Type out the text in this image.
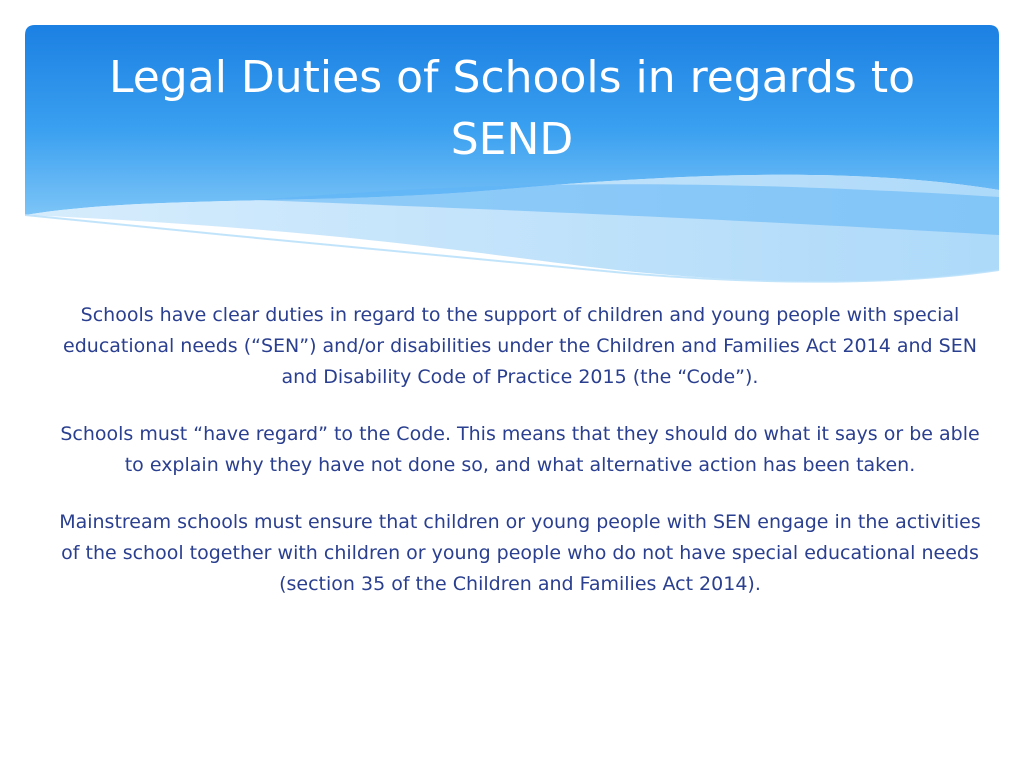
Legal Duties of Schools in regards to SEND

Schools have clear duties in regard to the support of children and young people with special educational needs (“SEN”) and/or disabilities under the Children and Families Act 2014 and SEN and Disability Code of Practice 2015 (the “Code”).

Schools must “have regard” to the Code. This means that they should do what it says or be able to explain why they have not done so, and what alternative action has been taken.

Mainstream schools must ensure that children or young people with SEN engage in the activities of the school together with children or young people who do not have special educational needs (section 35 of the Children and Families Act 2014).
